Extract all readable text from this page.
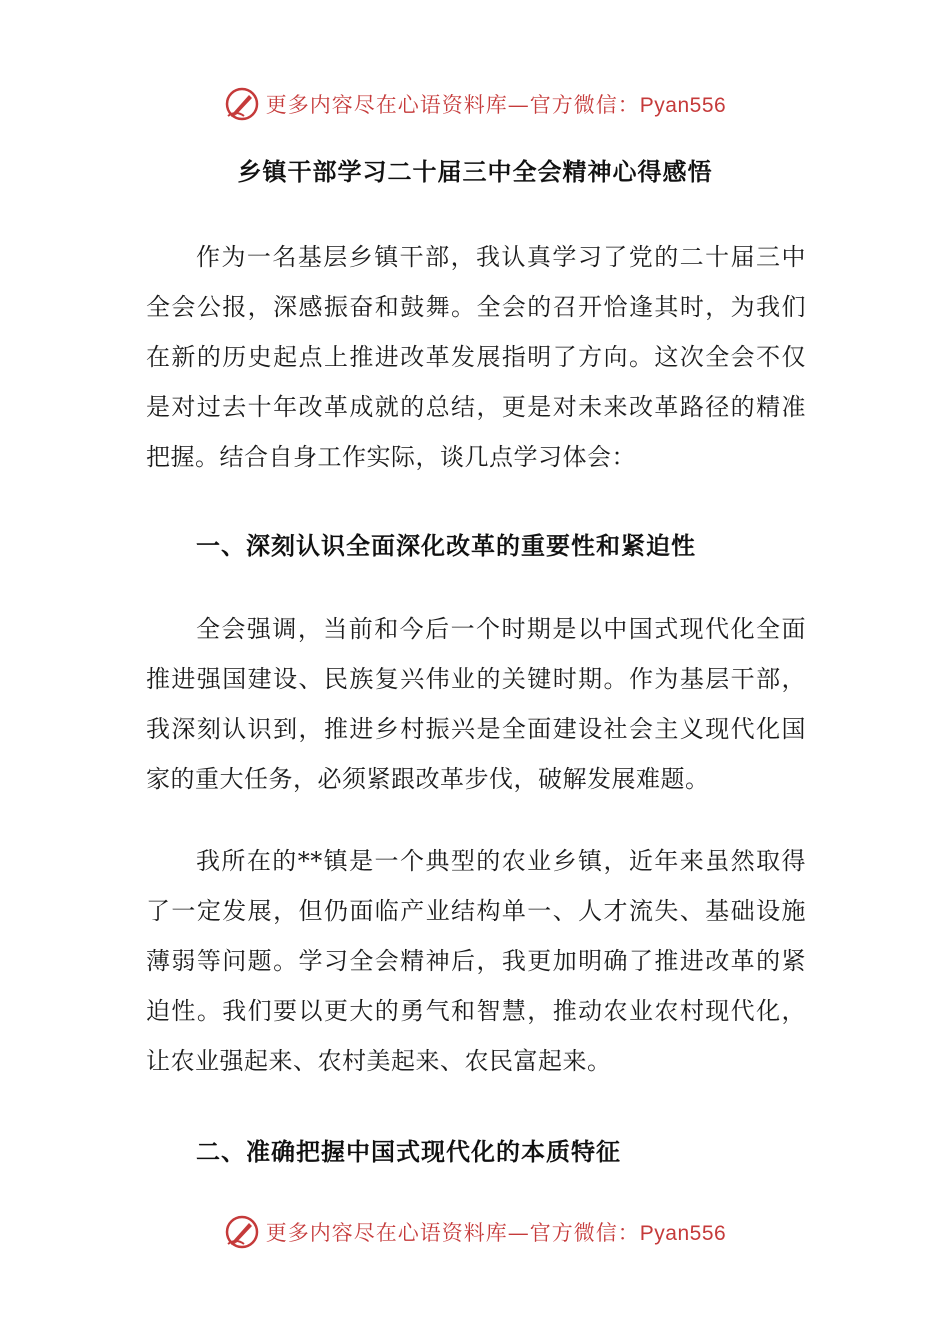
更多内容尽在心语资料库—官方微信：Pyan556
乡镇干部学习二十届三中全会精神心得感悟

作为一名基层乡镇干部，我认真学习了党的二十届三中全会公报，深感振奋和鼓舞。全会的召开恰逢其时，为我们在新的历史起点上推进改革发展指明了方向。这次全会不仅是对过去十年改革成就的总结，更是对未来改革路径的精准把握。结合自身工作实际，谈几点学习体会：

一、深刻认识全面深化改革的重要性和紧迫性

全会强调，当前和今后一个时期是以中国式现代化全面推进强国建设、民族复兴伟业的关键时期。作为基层干部，我深刻认识到，推进乡村振兴是全面建设社会主义现代化国家的重大任务，必须紧跟改革步伐，破解发展难题。

我所在的**镇是一个典型的农业乡镇，近年来虽然取得了一定发展，但仍面临产业结构单一、人才流失、基础设施薄弱等问题。学习全会精神后，我更加明确了推进改革的紧迫性。我们要以更大的勇气和智慧，推动农业农村现代化，让农业强起来、农村美起来、农民富起来。

二、准确把握中国式现代化的本质特征
更多内容尽在心语资料库—官方微信：Pyan556
